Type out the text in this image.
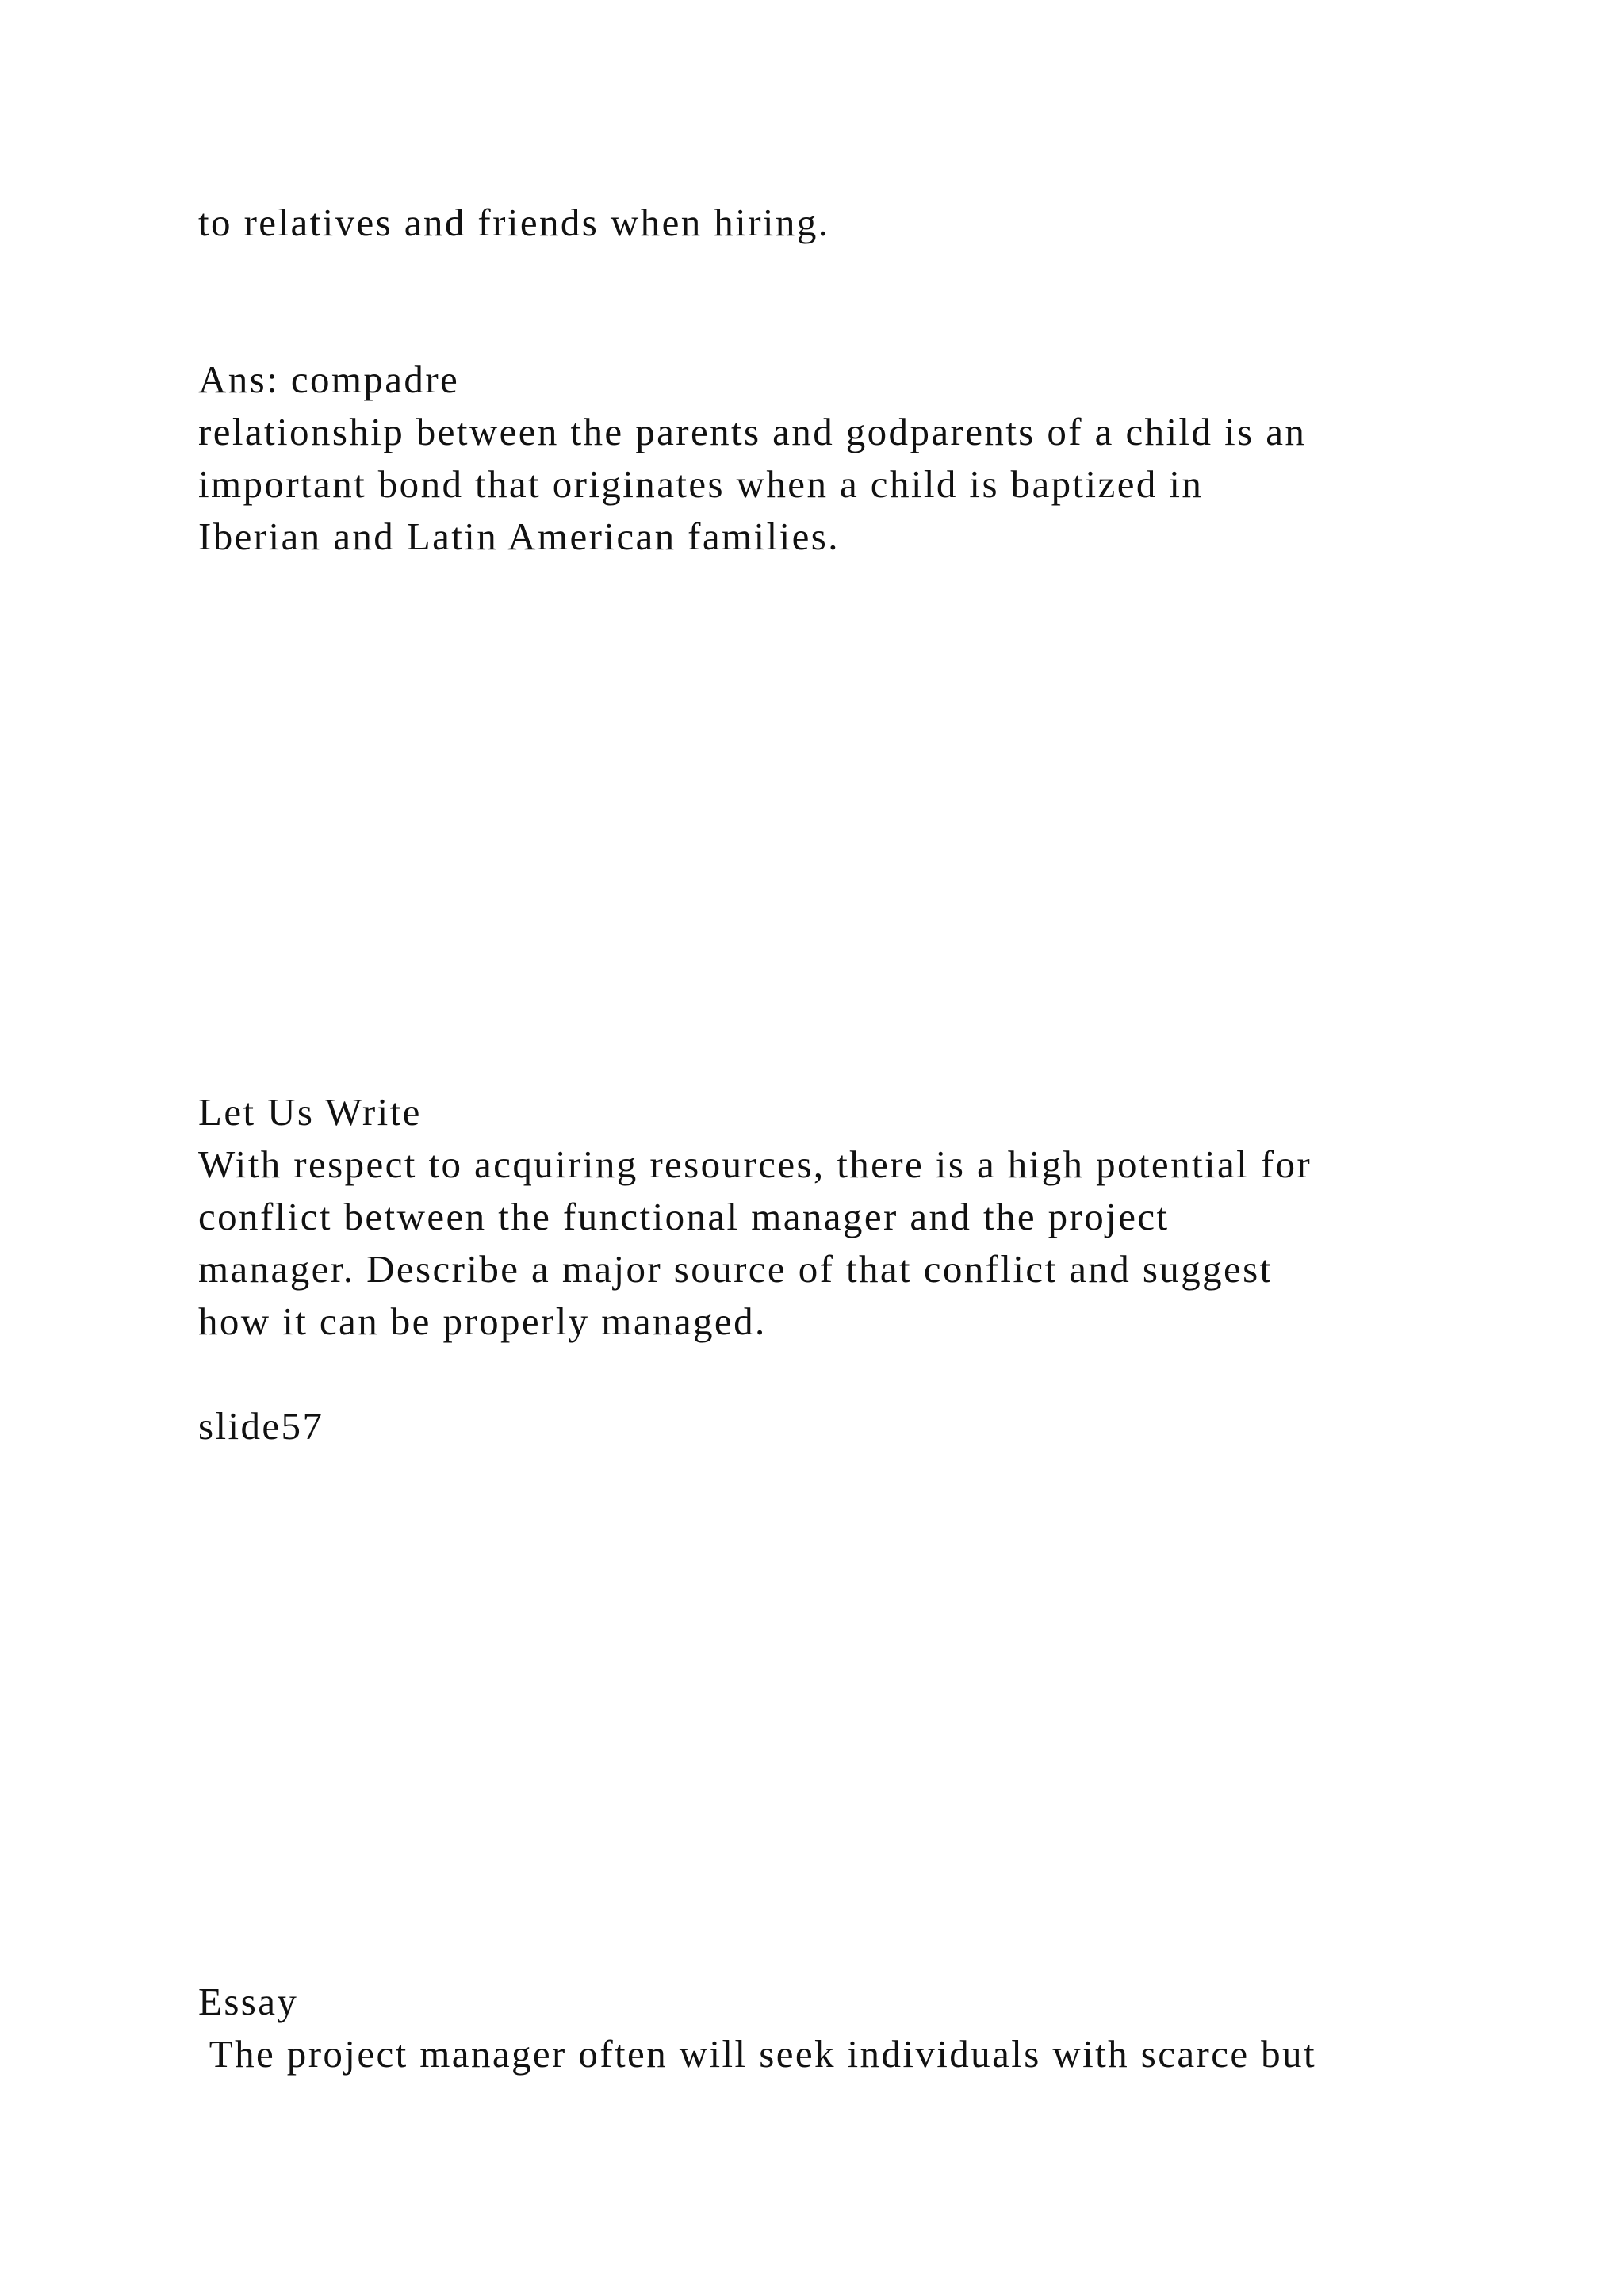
to relatives and friends when hiring.

Ans: compadre

relationship between the parents and godparents of a child is an

important bond that originates when a child is baptized in

Iberian and Latin American families.

Let Us Write

With respect to acquiring resources, there is a high potential for

conflict between the functional manager and the project

manager. Describe a major source of that conflict and suggest

how it can be properly managed.

slide57

Essay

The project manager often will seek individuals with scarce but
